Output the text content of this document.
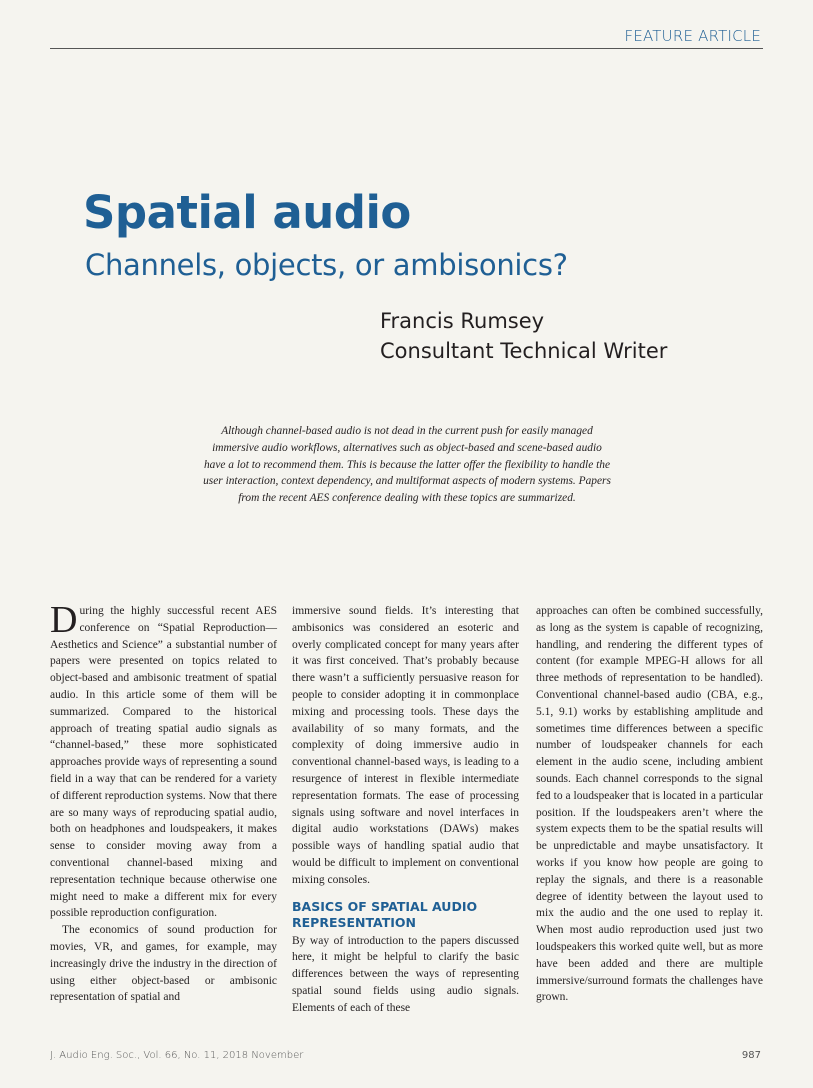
FEATURE ARTICLE
Spatial audio
Channels, objects, or ambisonics?
Francis Rumsey
Consultant Technical Writer
Although channel-based audio is not dead in the current push for easily managed immersive audio workflows, alternatives such as object-based and scene-based audio have a lot to recommend them. This is because the latter offer the flexibility to handle the user interaction, context dependency, and multiformat aspects of modern systems. Papers from the recent AES conference dealing with these topics are summarized.

During the highly successful recent AES conference on “Spatial Reproduction—Aesthetics and Science” a substantial number of papers were presented on topics related to object-based and ambisonic treatment of spatial audio. In this article some of them will be summarized. Compared to the historical approach of treating spatial audio signals as “channel-based,” these more sophisticated approaches provide ways of representing a sound field in a way that can be rendered for a variety of different reproduction systems. Now that there are so many ways of reproducing spatial audio, both on headphones and loudspeakers, it makes sense to consider moving away from a conventional channel-based mixing and representation technique because otherwise one might need to make a different mix for every possible reproduction configuration.

The economics of sound production for movies, VR, and games, for example, may increasingly drive the industry in the direction of using either object-based or ambisonic representation of spatial and

immersive sound fields. It’s interesting that ambisonics was considered an esoteric and overly complicated concept for many years after it was first conceived. That’s probably because there wasn’t a sufficiently persuasive reason for people to consider adopting it in commonplace mixing and processing tools. These days the availability of so many formats, and the complexity of doing immersive audio in conventional channel-based ways, is leading to a resurgence of interest in flexible intermediate representation formats. The ease of processing signals using software and novel interfaces in digital audio workstations (DAWs) makes possible ways of handling spatial audio that would be difficult to implement on conventional mixing consoles.

BASICS OF SPATIAL AUDIO REPRESENTATION

By way of introduction to the papers discussed here, it might be helpful to clarify the basic differences between the ways of representing spatial sound fields using audio signals. Elements of each of these

approaches can often be combined successfully, as long as the system is capable of recognizing, handling, and rendering the different types of content (for example MPEG-H allows for all three methods of representation to be handled). Conventional channel-based audio (CBA, e.g., 5.1, 9.1) works by establishing amplitude and sometimes time differences between a specific number of loudspeaker channels for each element in the audio scene, including ambient sounds. Each channel corresponds to the signal fed to a loudspeaker that is located in a particular position. If the loudspeakers aren’t where the system expects them to be the spatial results will be unpredictable and maybe unsatisfactory. It works if you know how people are going to replay the signals, and there is a reasonable degree of identity between the layout used to mix the audio and the one used to replay it. When most audio reproduction used just two loudspeakers this worked quite well, but as more have been added and there are multiple immersive/surround formats the challenges have grown.

J. Audio Eng. Soc., Vol. 66, No. 11, 2018 November	987
